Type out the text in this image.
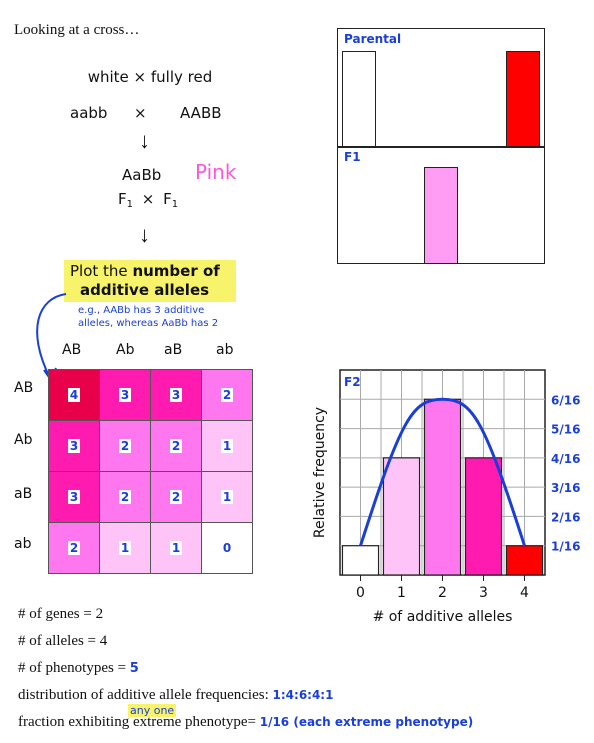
Looking at a cross…
white × fully red
aabb × AABB
↓
AaBb Pink
$F_1 \times F_1$
↓
Plot the number of
additive alleles
e.g., AABb has 3 additive
alleles, whereas AaBb has 2
AB Ab aB ab
AB
Ab
aB
ab
4	3	3	2
3	2	2	1
3	2	2	1
2	1	1	0
Parental
F1
0 1 2 3 4
F2
6/16
5/16
4/16
3/16
2/16
1/16
# of additive alleles
Relative frequency
# of genes = 2
# of alleles = 4
# of phenotypes = 5
distribution of additive allele frequencies: 1:4:6:4:1
any one
fraction exhibiting extreme phenotype= 1/16 (each extreme phenotype)
